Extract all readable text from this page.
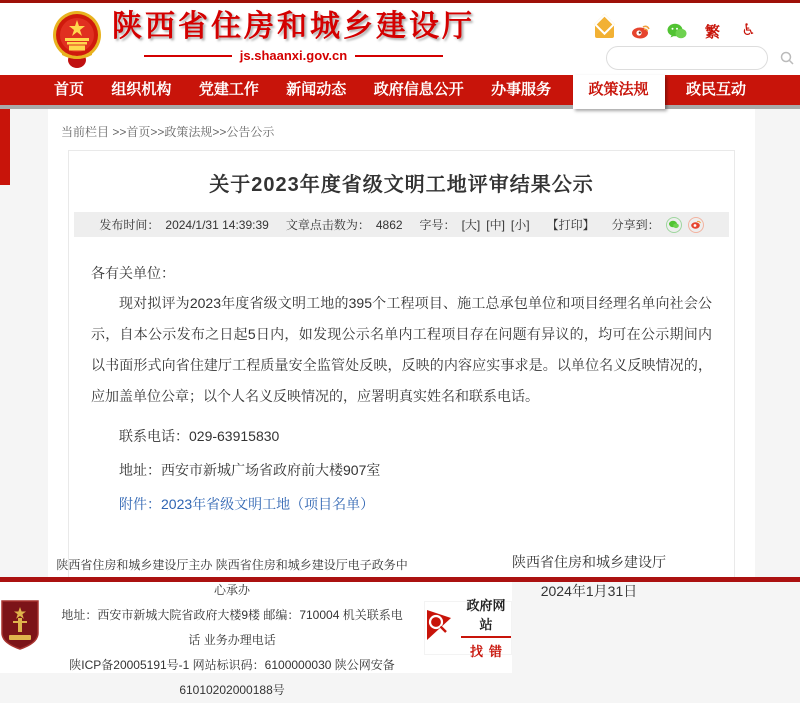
陕西省住房和城乡建设厅
js.shaanxi.gov.cn
繁 ♿
首页	组织机构	党建工作	新闻动态	政府信息公开	办事服务	政策法规	政民互动
当前栏目 >>首页>>政策法规>>公告公示
关于2023年度省级文明工地评审结果公示
发布时间： 2024/1/31 14:39:39 文章点击数为： 4862 字号： [大] [中] [小] 【打印】 分享到：
各有关单位：
现对拟评为2023年度省级文明工地的395个工程项目、施工总承包单位和项目经理名单向社会公示，自本公示发布之日起5日内，如发现公示名单内工程项目存在问题有异议的，均可在公示期间内以书面形式向省住建厅工程质量安全监管处反映，反映的内容应实事求是。以单位名义反映情况的，应加盖单位公章；以个人名义反映情况的，应署明真实姓名和联系电话。
联系电话：029-63915830
地址：西安市新城广场省政府前大楼907室
附件：2023年省级文明工地（项目名单）
陕西省住房和城乡建设厅
2024年1月31日
陕西省住房和城乡建设厅主办 陕西省住房和城乡建设厅电子政务中心承办
地址：西安市新城大院省政府大楼9楼 邮编：710004 机关联系电话 业务办理电话
陕ICP备20005191号-1 网站标识码：6100000030 陕公网安备 61010202000188号
政府网站
找错
